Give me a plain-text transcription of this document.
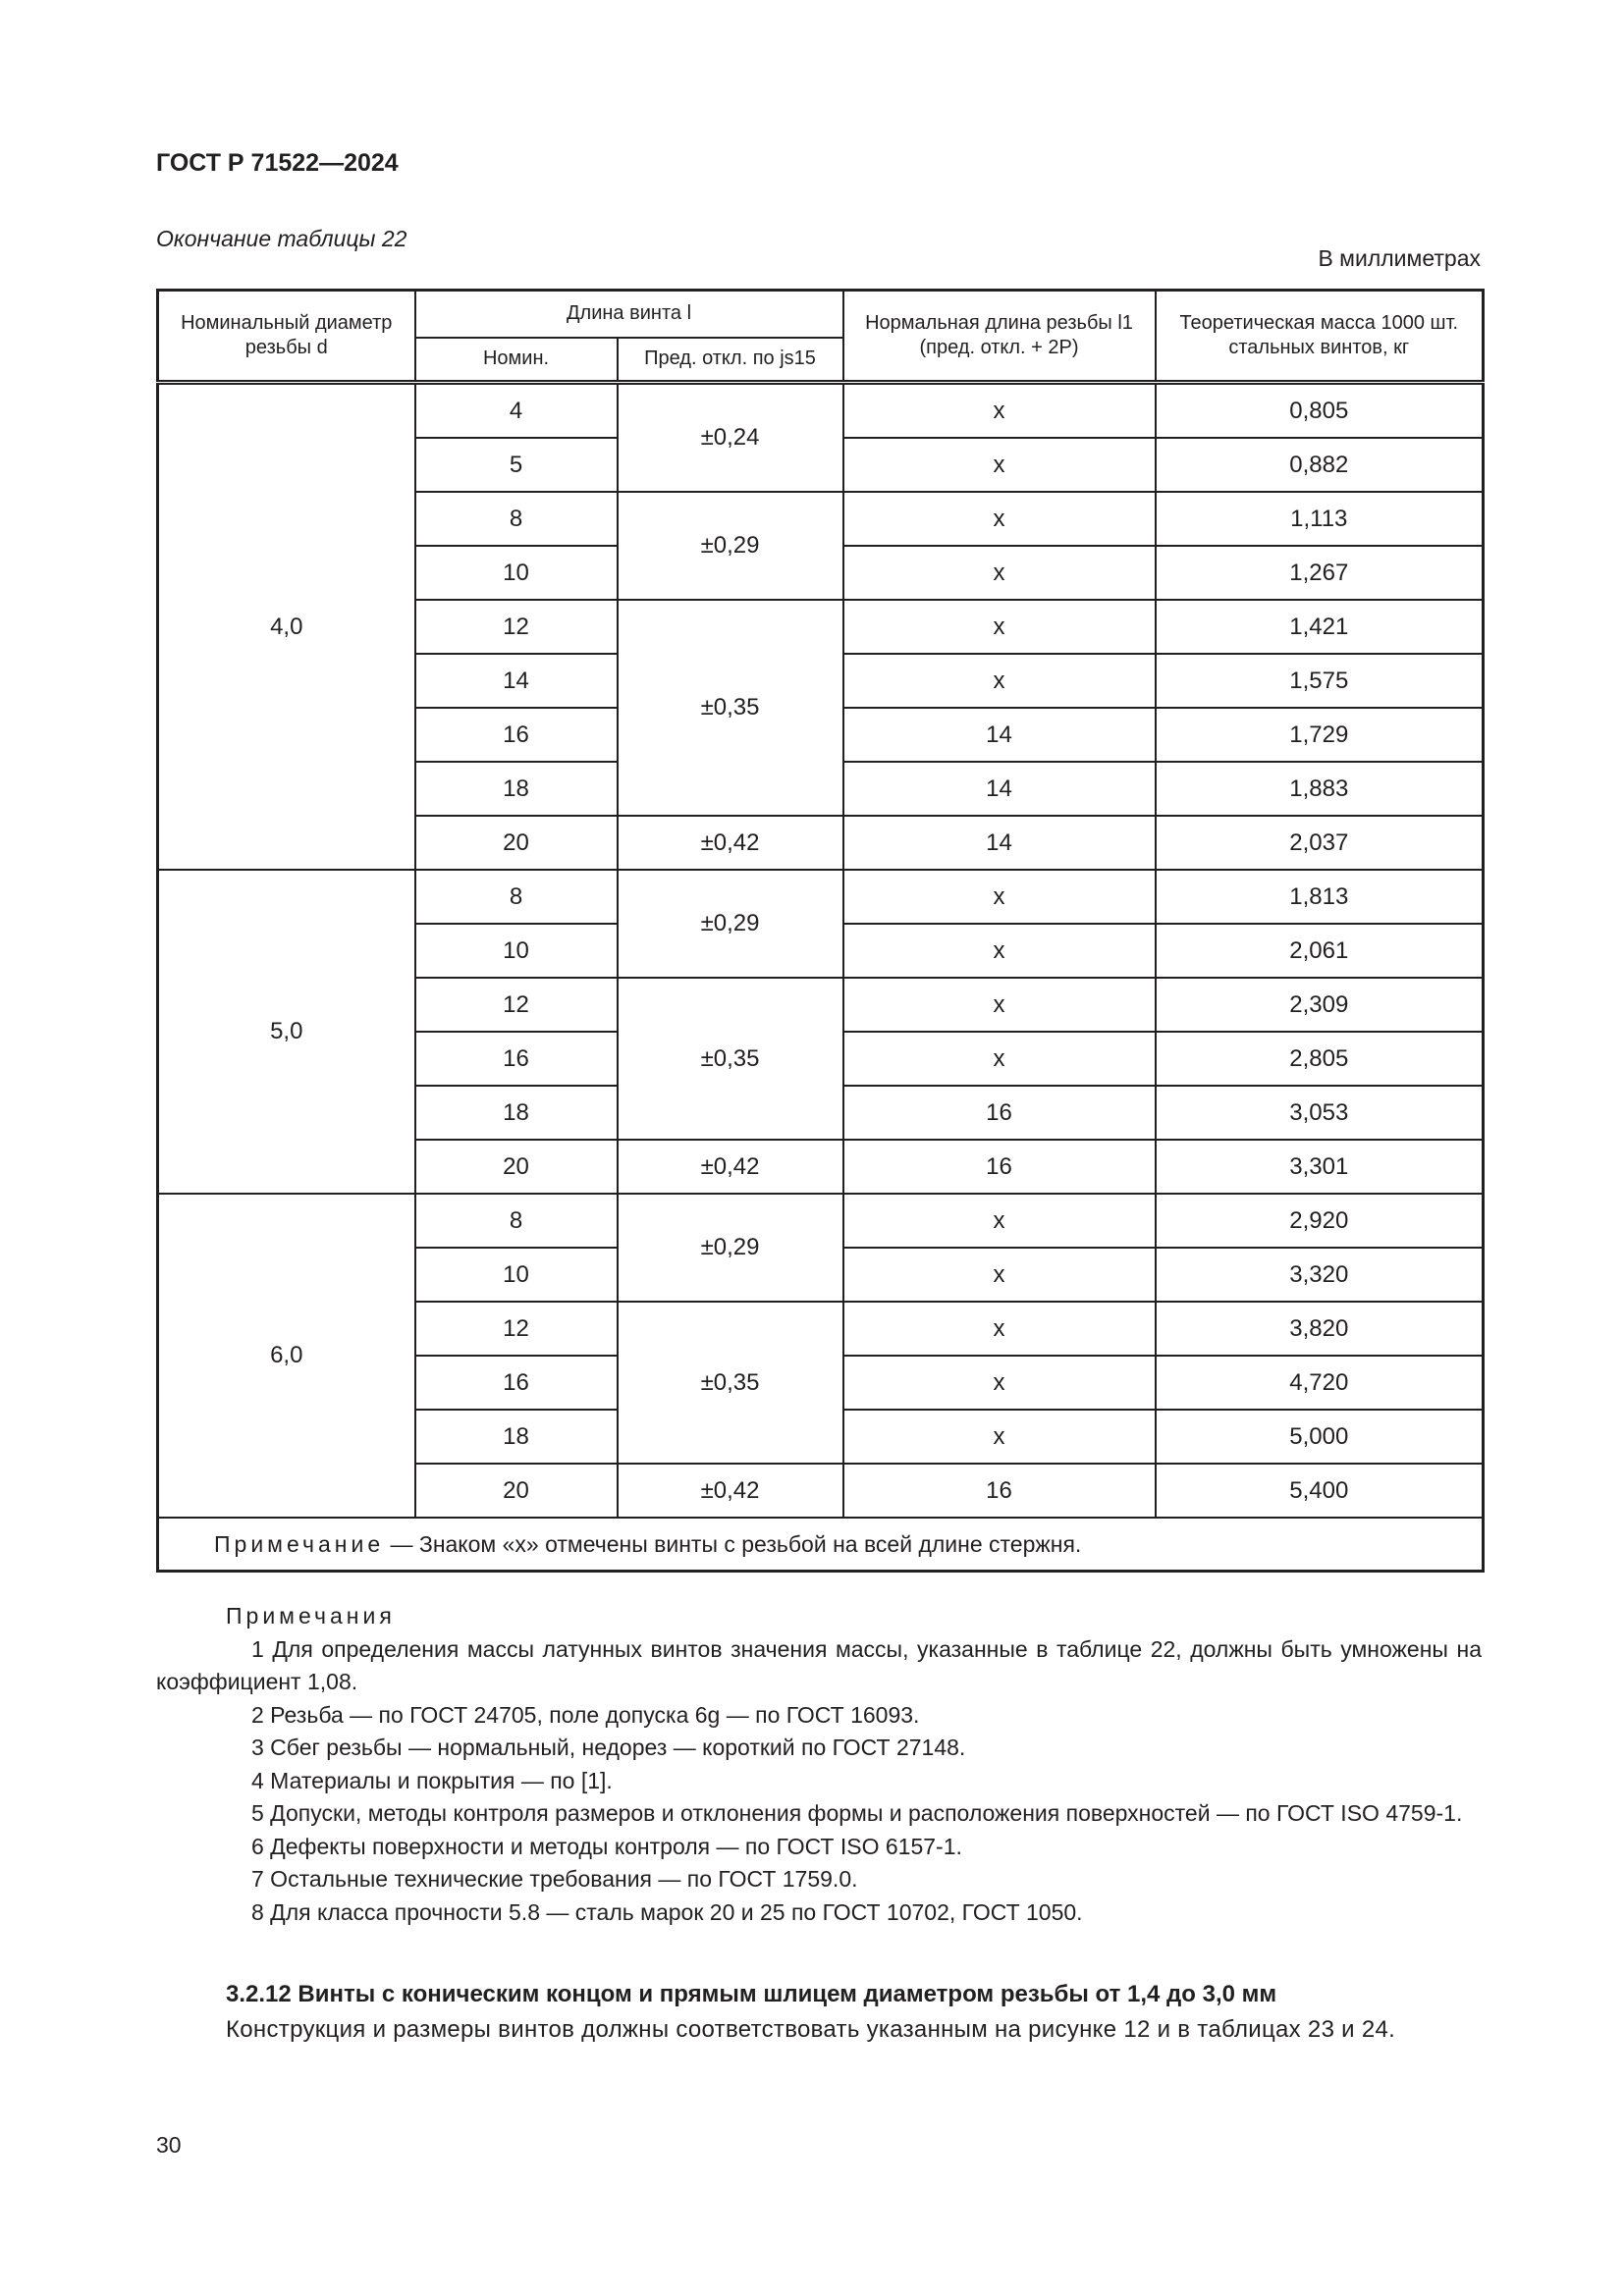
ГОСТ Р 71522—2024
Окончание таблицы 22
В миллиметрах
Номинальный диаметр резьбы d	Длина винта l		Нормальная длина резьбы l1 (пред. откл. + 2P)	Теоретическая масса 1000 шт. стальных винтов, кг
	Номин.	Пред. откл. по js15		
4,0	4	±0,24	x	0,805
	5		x	0,882
	8	±0,29	x	1,113
	10		x	1,267
	12	±0,35	x	1,421
	14		x	1,575
	16		14	1,729
	18		14	1,883
	20	±0,42	14	2,037
5,0	8	±0,29	x	1,813
	10		x	2,061
	12	±0,35	x	2,309
	16		x	2,805
	18		16	3,053
	20	±0,42	16	3,301
6,0	8	±0,29	x	2,920
	10		x	3,320
	12	±0,35	x	3,820
	16		x	4,720
	18		x	5,000
	20	±0,42	16	5,400
Примечание — Знаком «x» отмечены винты с резьбой на всей длине стержня.				
Примечания
1 Для определения массы латунных винтов значения массы, указанные в таблице 22, должны быть умножены на коэффициент 1,08.
2 Резьба — по ГОСТ 24705, поле допуска 6g — по ГОСТ 16093.
3 Сбег резьбы — нормальный, недорез — короткий по ГОСТ 27148.
4 Материалы и покрытия — по [1].
5 Допуски, методы контроля размеров и отклонения формы и расположения поверхностей — по ГОСТ ISO 4759-1.
6 Дефекты поверхности и методы контроля — по ГОСТ ISO 6157-1.
7 Остальные технические требования — по ГОСТ 1759.0.
8 Для класса прочности 5.8 — сталь марок 20 и 25 по ГОСТ 10702, ГОСТ 1050.
3.2.12 Винты с коническим концом и прямым шлицем диаметром резьбы от 1,4 до 3,0 мм
Конструкция и размеры винтов должны соответствовать указанным на рисунке 12 и в таблицах 23 и 24.
30
